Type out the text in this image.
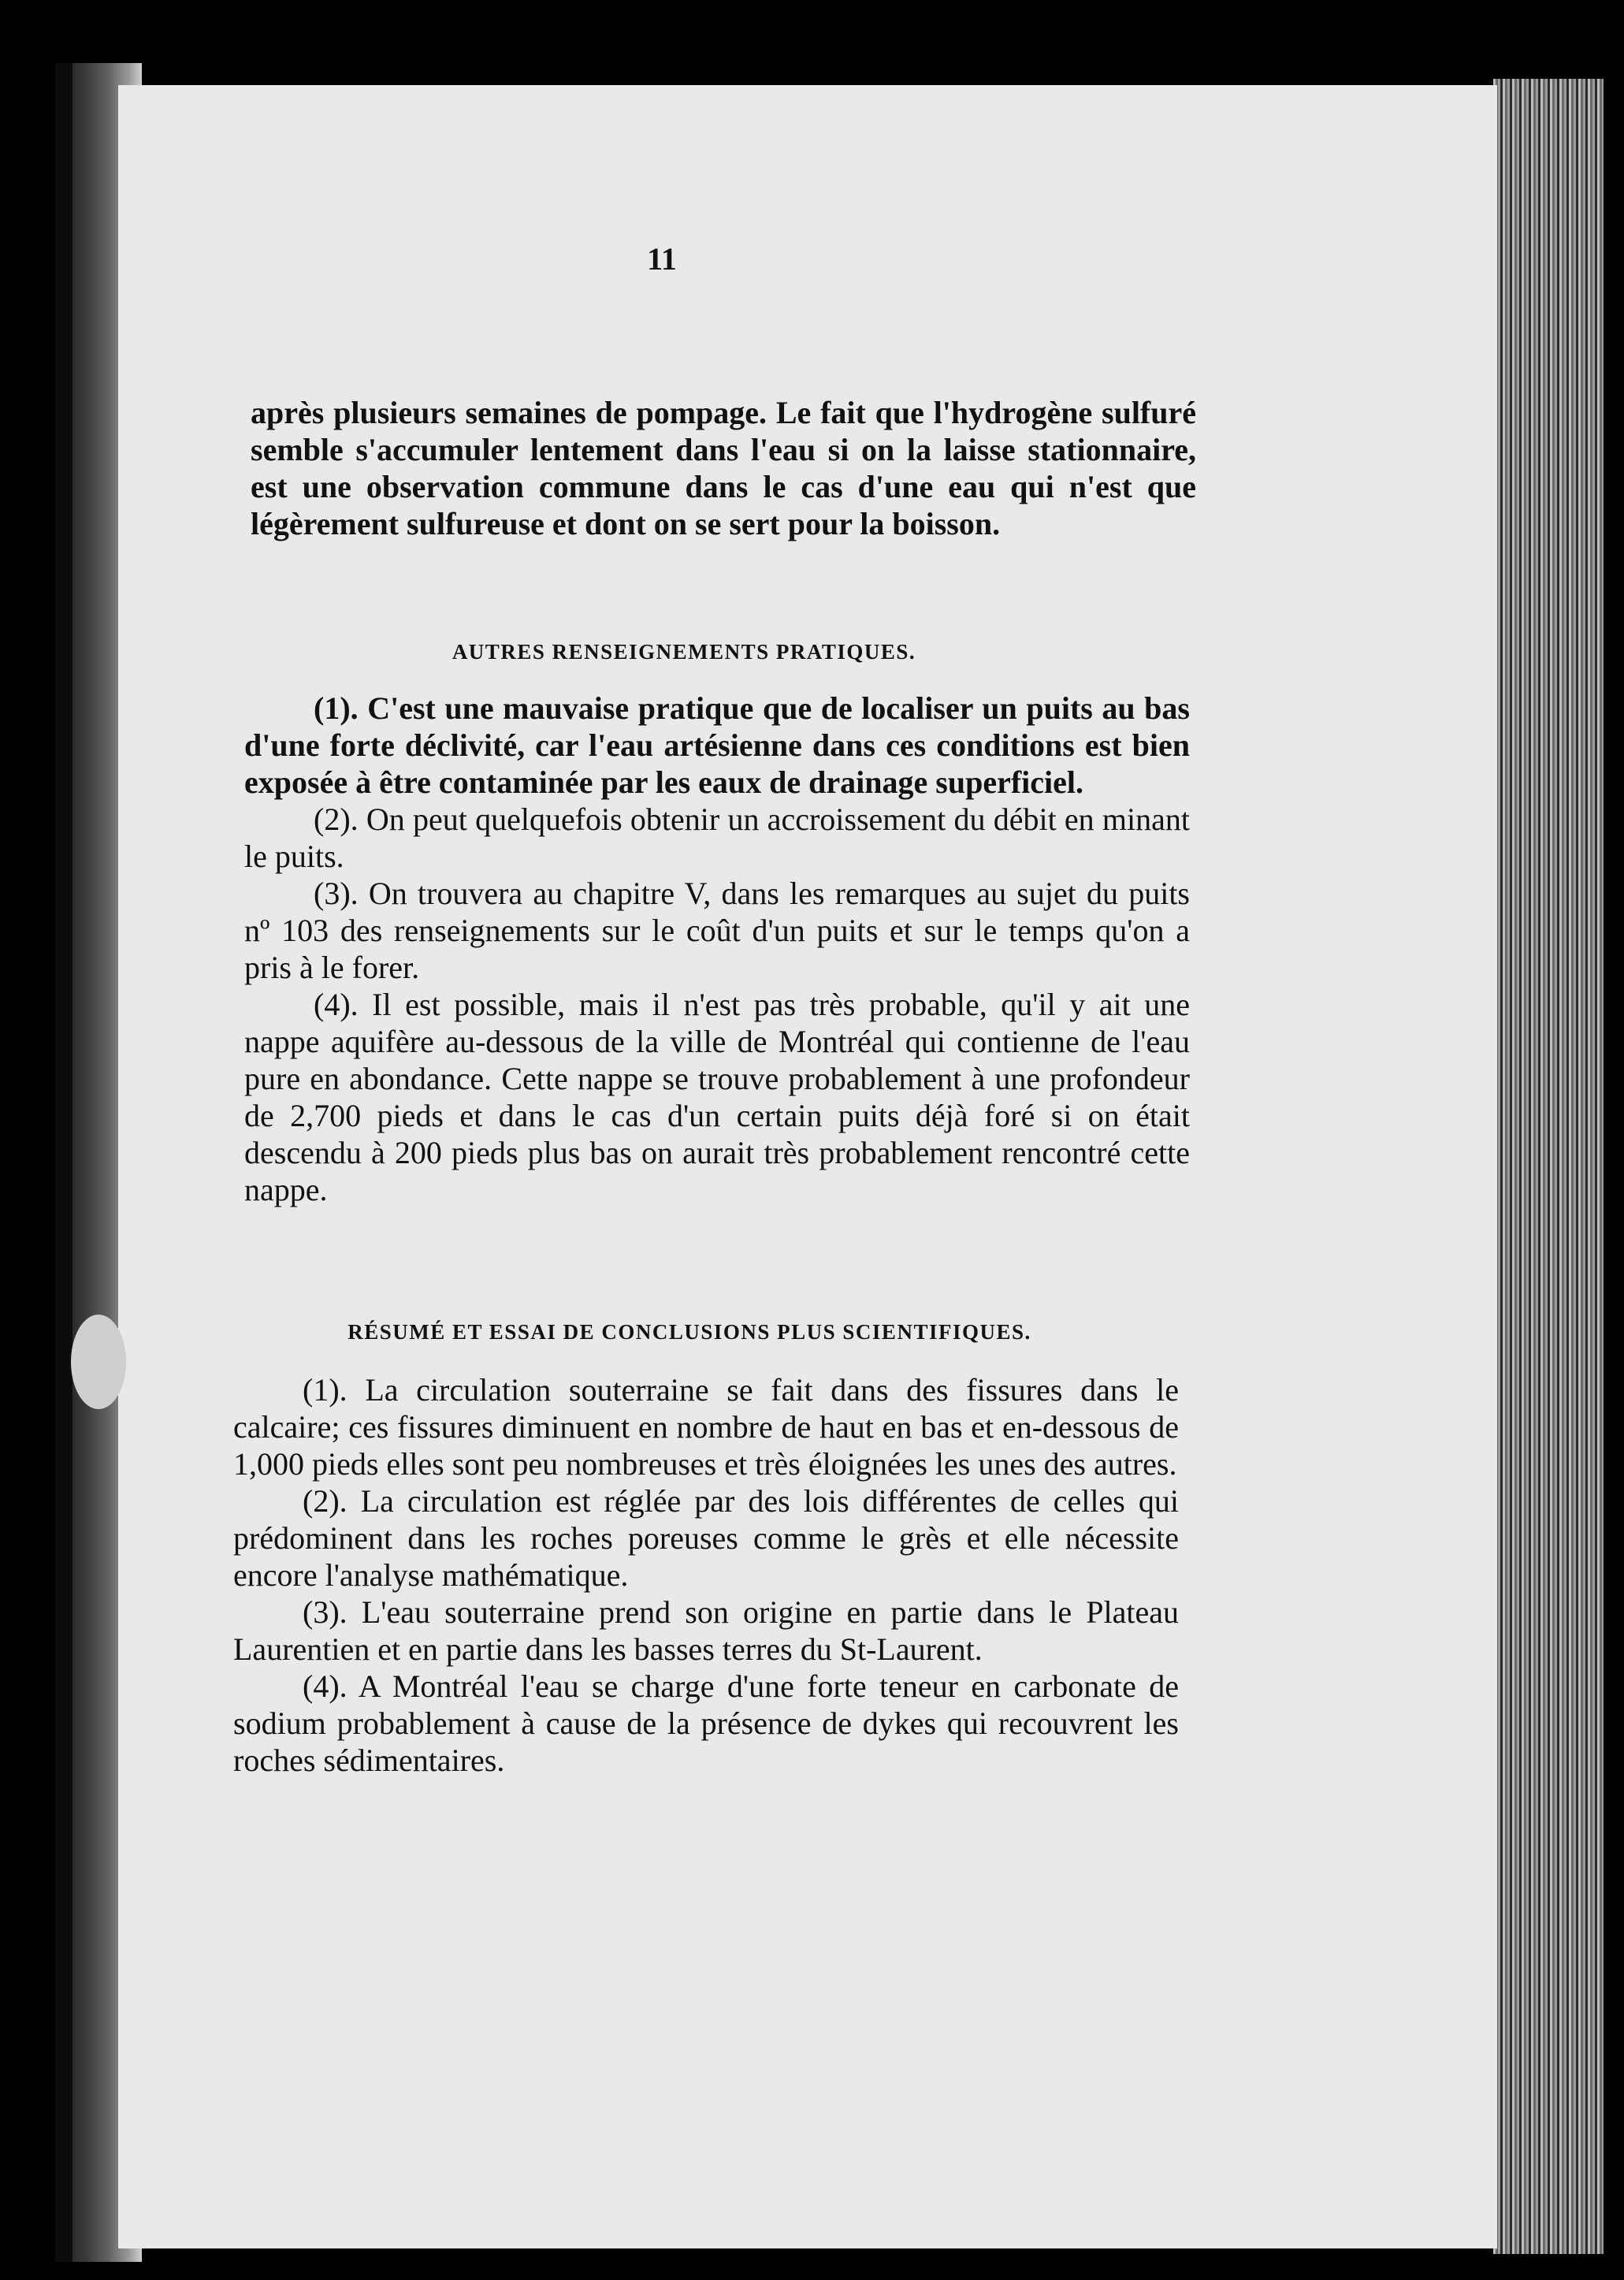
11

après plusieurs semaines de pompage. Le fait que l'hydrogène sulfuré semble s'accumuler lentement dans l'eau si on la laisse stationnaire, est une observation commune dans le cas d'une eau qui n'est que légèrement sulfureuse et dont on se sert pour la boisson.

AUTRES RENSEIGNEMENTS PRATIQUES.

(1). C'est une mauvaise pratique que de localiser un puits au bas d'une forte déclivité, car l'eau artésienne dans ces conditions est bien exposée à être contaminée par les eaux de drainage superficiel.

(2). On peut quelquefois obtenir un accroissement du débit en minant le puits.

(3). On trouvera au chapitre V, dans les remarques au sujet du puits nº 103 des renseignements sur le coût d'un puits et sur le temps qu'on a pris à le forer.

(4). Il est possible, mais il n'est pas très probable, qu'il y ait une nappe aquifère au-dessous de la ville de Montréal qui contienne de l'eau pure en abondance. Cette nappe se trouve probablement à une profondeur de 2,700 pieds et dans le cas d'un certain puits déjà foré si on était descendu à 200 pieds plus bas on aurait très probablement rencontré cette nappe.

RÉSUMÉ ET ESSAI DE CONCLUSIONS PLUS SCIENTIFIQUES.

(1). La circulation souterraine se fait dans des fissures dans le calcaire; ces fissures diminuent en nombre de haut en bas et en-dessous de 1,000 pieds elles sont peu nombreuses et très éloignées les unes des autres.

(2). La circulation est réglée par des lois différentes de celles qui prédominent dans les roches poreuses comme le grès et elle nécessite encore l'analyse mathématique.

(3). L'eau souterraine prend son origine en partie dans le Plateau Laurentien et en partie dans les basses terres du St-Laurent.

(4). A Montréal l'eau se charge d'une forte teneur en carbonate de sodium probablement à cause de la présence de dykes qui recouvrent les roches sédimentaires.
